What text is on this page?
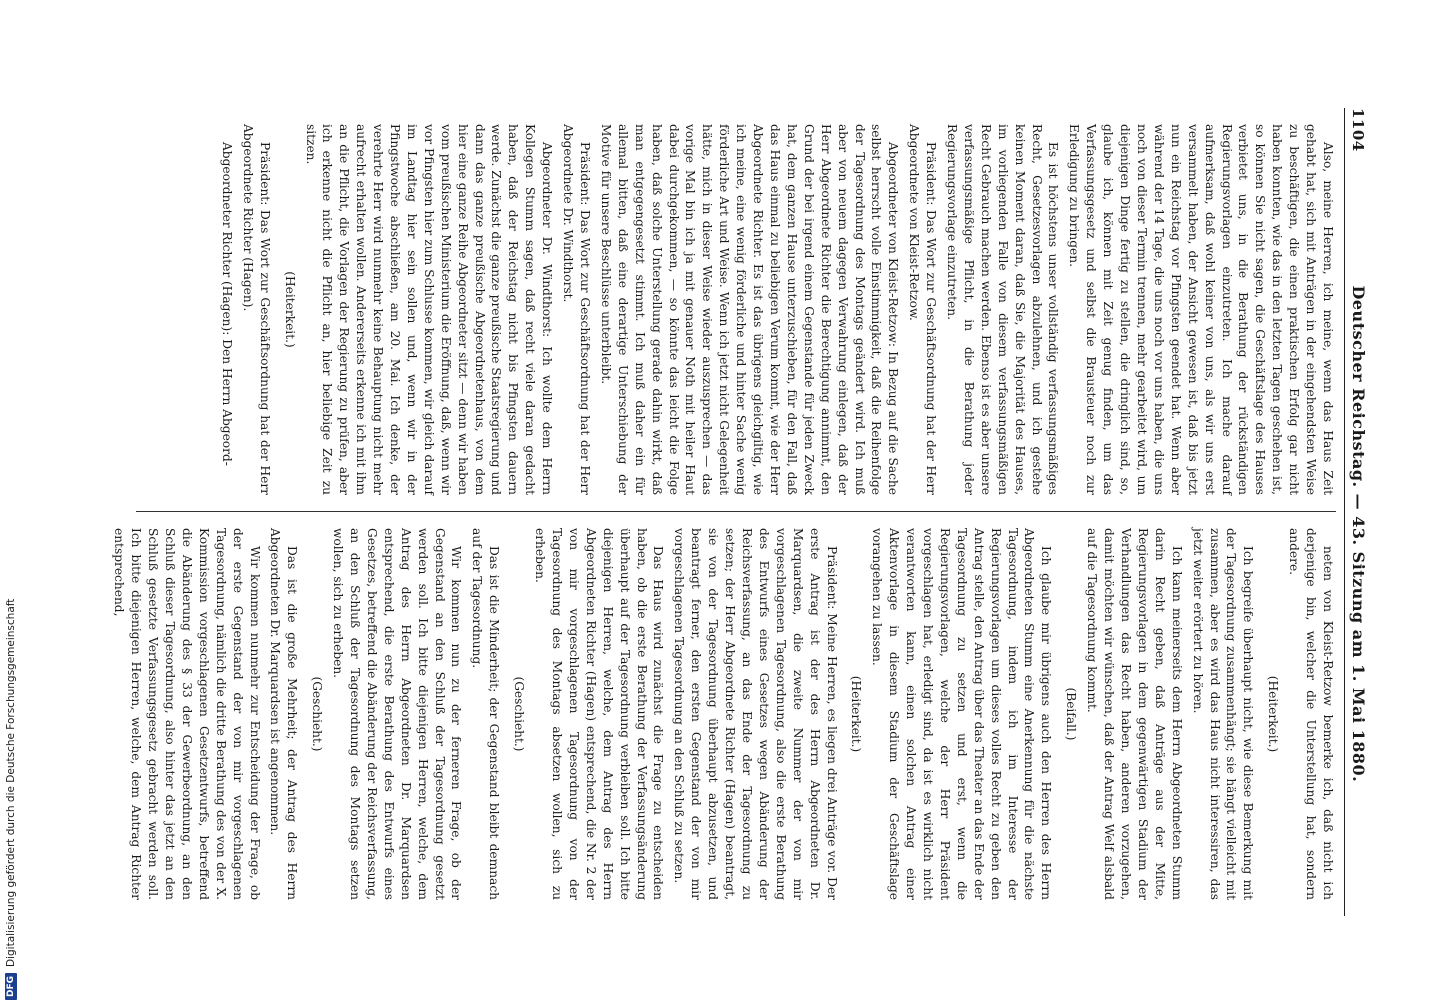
1104
Deutscher Reichstag. — 43. Sitzung am 1. Mai 1880.

Also, meine Herren, ich meine, wenn das Haus Zeit gehabt hat, sich mit Anträgen in der eingehendsten Weise zu beschäftigen, die einen praktischen Erfolg gar nicht haben konnten, wie das in den letzten Tagen geschehen ist, so können Sie nicht sagen, die Geschäftslage des Hauses verbietet uns, in die Berathung der rückständigen Regierungsvorlagen einzutreten. Ich mache darauf aufmerksam, daß wohl keiner von uns, als wir uns erst versammelt haben, der Ansicht gewesen ist, daß bis jetzt nun ein Reichstag vor Pfingsten geendet hat. Wenn aber während der 14 Tage, die uns noch vor uns haben, die uns noch von dieser Termin trennen, mehr gearbeitet wird, um diejenigen Dinge fertig zu stellen, die dringlich sind, so, glaube ich, können mit Zeit genug finden, um das Verfassungsgesetz und selbst die Brausteuer noch zur Erledigung zu bringen.

Es ist höchstens unser vollständig verfassungsmäßiges Recht, Gesetzesvorlagen abzulehnen, und ich gestehe keinen Moment daran, daß Sie, die Majorität des Hauses, im vorliegenden Falle von diesem verfassungsmäßigen Recht Gebrauch machen werden. Ebenso ist es aber unsere verfassungsmäßige Pflicht, in die Berathung jeder Regierungsvorlage einzutreten.

Präsident: Das Wort zur Geschäftsordnung hat der Herr Abgeordnete von Kleist-Retzow.

Abgeordneter von Kleist-Retzow: In Bezug auf die Sache selbst herrscht volle Einstimmigkeit, daß die Reihenfolge der Tagesordnung des Montags geändert wird. Ich muß aber von neuem dagegen Verwahrung einlegen, daß der Herr Abgeordnete Richter die Berechtigung annimmt, den Grund der bei irgend einem Gegenstande für jeden Zweck hat, dem ganzen Hause unterzuschieben, für den Fall, daß das Haus einmal zu beliebigen Verum kommt, wie der Herr Abgeordnete Richter. Es ist das übrigens gleichgiltig, wie ich meine, eine wenig förderliche und hinter Sache wenig förderliche Art und Weise. Wenn ich jetzt nicht Gelegenheit hätte, mich in dieser Weise wieder auszusprechen — das vorige Mal bin ich ja mit genauer Noth mit heiler Haut dabei durchgekommen, — so könnte das leicht die Folge haben, daß solche Unterstellung gerade dahin wirkt, daß man entgegengesetzt stimmt. Ich muß daher ein für allemal bitten, daß eine derartige Unterschiebung der Motive für unsere Beschlüsse unterbleibt.

Präsident: Das Wort zur Geschäftsordnung hat der Herr Abgeordnete Dr. Windthorst.

Abgeordneter Dr. Windthorst: Ich wollte dem Herrn Kollegen Stumm sagen, daß recht viele daran gedacht haben, daß der Reichstag nicht bis Pfingsten dauern werde. Zunächst die ganze preußische Staatsregierung und dann das ganze preußische Abgeordnetenhaus, von dem hier eine ganze Reihe Abgeordneter sitzt — denn wir haben vom preußischen Ministerium die Eröffnung, daß, wenn wir vor Pfingsten hier zum Schlusse kommen, wir gleich darauf im Landtag hier sein sollen und, wenn wir in der Pfingstwoche abschließen, am 20. Mai. Ich denke, der verehrte Herr wird nunmehr keine Behauptung nicht mehr aufrecht erhalten wollen. Andererseits erkenne ich mit ihm an die Pflicht, die Vorlagen der Regierung zu prüfen, aber ich erkenne nicht die Pflicht an, hier beliebige Zeit zu sitzen.

(Heiterkeit.)

Präsident: Das Wort zur Geschäftsordnung hat der Herr Abgeordnete Richter (Hagen).

Abgeordneter Richter (Hagen): Den Herrn Abgeord-

neten von Kleist-Retzow bemerke ich, daß nicht ich derjenige bin, welcher die Unterstellung hat, sondern andere.

(Heiterkeit.)

Ich begreife überhaupt nicht, wie diese Bemerkung mit der Tagesordnung zusammenhängt; sie hängt vielleicht mit zusammen, aber es wird das Haus nicht interessiren, das jetzt weiter erörtert zu hören.

Ich kann meinerseits dem Herrn Abgeordneten Stumm darin Recht geben, daß Anträge aus der Mitte, Regierungsvorlagen in dem gegenwärtigen Stadium der Verhandlungen das Recht haben, anderen vorzugehen, damit möchten wir wünschen, daß der Antrag Welf alsbald auf die Tagesordnung kommt.

(Beifall.)

Ich glaube mir übrigens auch den Herren des Herrn Abgeordneten Stumm eine Anerkennung für die nächste Tagesordnung, indem ich im Interesse der Regierungsvorlagen um dieses volles Recht zu geben den Antrag stelle, den Antrag über das Theater an das Ende der Tagesordnung zu setzen und erst, wenn die Regierungsvorlagen, welche der Herr Präsident vorgeschlagen hat, erledigt sind, da ist es wirklich nicht verantworten kann, einen solchen Antrag einer Aktenvorlage in diesem Stadium der Geschäftslage vorangehen zu lassen.

(Heiterkeit.)

Präsident: Meine Herren, es liegen drei Anträge vor. Der erste Antrag ist der des Herrn Abgeordneten Dr. Marquardsen, die zweite Nummer der von mir vorgeschlagenen Tagesordnung, also die erste Berathung des Entwurfs eines Gesetzes wegen Abänderung der Reichsverfassung, an das Ende der Tagesordnung zu setzen; der Herr Abgeordnete Richter (Hagen) beantragt, sie von der Tagesordnung überhaupt abzusetzen, und beantragt ferner, den ersten Gegenstand der von mir vorgeschlagenen Tagesordnung an den Schluß zu setzen.

Das Haus wird zunächst die Frage zu entscheiden haben, ob die erste Berathung der Verfassungsänderung überhaupt auf der Tagesordnung verbleiben soll. Ich bitte diejenigen Herren, welche, dem Antrag des Herrn Abgeordneten Richter (Hagen) entsprechend, die Nr. 2 der von mir vorgeschlagenen Tagesordnung von der Tagesordnung des Montags absetzen wollen, sich zu erheben.

(Geschieht.)

Das ist die Minderheit; der Gegenstand bleibt demnach auf der Tagesordnung.

Wir kommen nun zu der ferneren Frage, ob der Gegenstand an den Schluß der Tagesordnung gesetzt werden soll. Ich bitte diejenigen Herren, welche, dem Antrag des Herrn Abgeordneten Dr. Marquardsen entsprechend, die erste Berathung des Entwurfs eines Gesetzes, betreffend die Abänderung der Reichsverfassung, an den Schluß der Tagesordnung des Montags setzen wollen, sich zu erheben.

(Geschieht.)

Das ist die große Mehrheit; der Antrag des Herrn Abgeordneten Dr. Marquardsen ist angenommen.

Wir kommen nunmehr zur Entscheidung der Frage, ob der erste Gegenstand der von mir vorgeschlagenen Tagesordnung, nämlich die dritte Berathung des von der X. Kommission vorgeschlagenen Gesetzentwurfs, betreffend die Abänderung des § 33 der Gewerbeordnung, an den Schluß dieser Tagesordnung, also hinter das jetzt an den Schluß gesetzte Verfassungsgesetz gebracht werden soll. Ich bitte diejenigen Herren, welche, dem Antrag Richter entsprechend,

DFG
Digitalisierung gefördert durch die Deutsche Forschungsgemeinschaft
